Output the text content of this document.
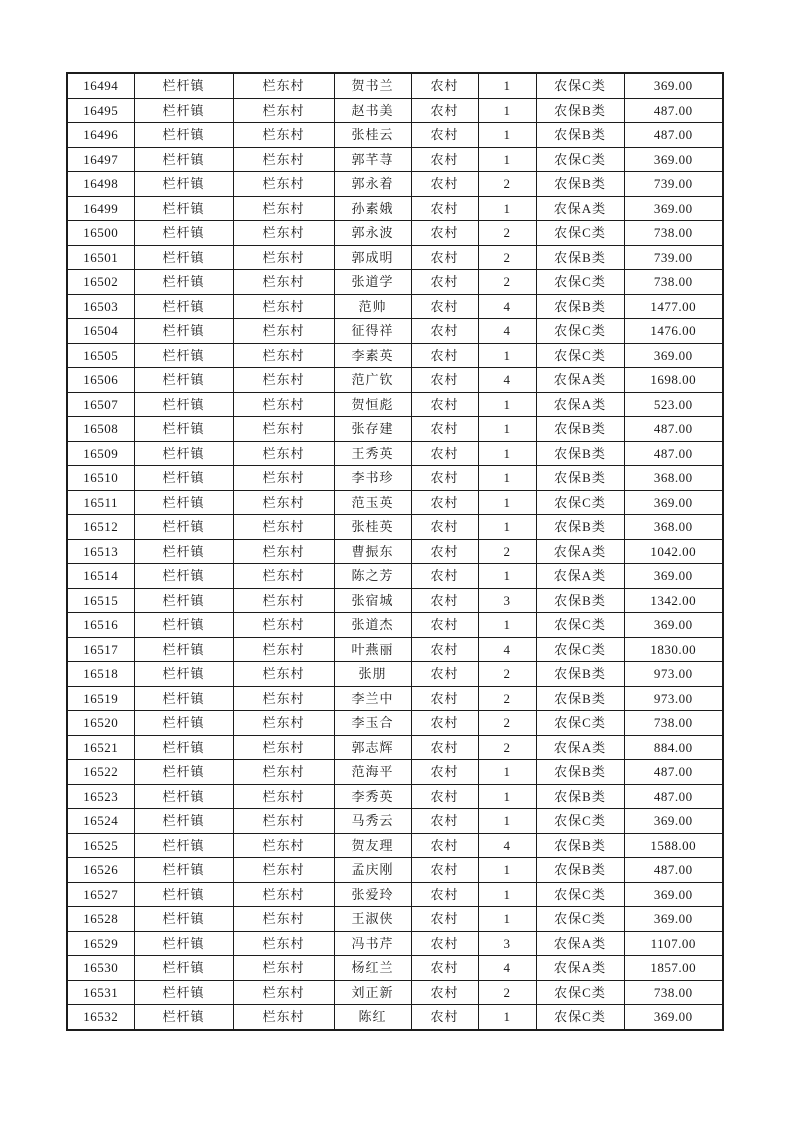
16494	栏杆镇	栏东村	贺书兰	农村	1	农保C类	369.00
16495	栏杆镇	栏东村	赵书美	农村	1	农保B类	487.00
16496	栏杆镇	栏东村	张桂云	农村	1	农保B类	487.00
16497	栏杆镇	栏东村	郭芊荨	农村	1	农保C类	369.00
16498	栏杆镇	栏东村	郭永着	农村	2	农保B类	739.00
16499	栏杆镇	栏东村	孙素娥	农村	1	农保A类	369.00
16500	栏杆镇	栏东村	郭永波	农村	2	农保C类	738.00
16501	栏杆镇	栏东村	郭成明	农村	2	农保B类	739.00
16502	栏杆镇	栏东村	张道学	农村	2	农保C类	738.00
16503	栏杆镇	栏东村	范帅	农村	4	农保B类	1477.00
16504	栏杆镇	栏东村	征得祥	农村	4	农保C类	1476.00
16505	栏杆镇	栏东村	李素英	农村	1	农保C类	369.00
16506	栏杆镇	栏东村	范广钦	农村	4	农保A类	1698.00
16507	栏杆镇	栏东村	贺恒彪	农村	1	农保A类	523.00
16508	栏杆镇	栏东村	张存建	农村	1	农保B类	487.00
16509	栏杆镇	栏东村	王秀英	农村	1	农保B类	487.00
16510	栏杆镇	栏东村	李书珍	农村	1	农保B类	368.00
16511	栏杆镇	栏东村	范玉英	农村	1	农保C类	369.00
16512	栏杆镇	栏东村	张桂英	农村	1	农保B类	368.00
16513	栏杆镇	栏东村	曹振东	农村	2	农保A类	1042.00
16514	栏杆镇	栏东村	陈之芳	农村	1	农保A类	369.00
16515	栏杆镇	栏东村	张宿城	农村	3	农保B类	1342.00
16516	栏杆镇	栏东村	张道杰	农村	1	农保C类	369.00
16517	栏杆镇	栏东村	叶燕丽	农村	4	农保C类	1830.00
16518	栏杆镇	栏东村	张朋	农村	2	农保B类	973.00
16519	栏杆镇	栏东村	李兰中	农村	2	农保B类	973.00
16520	栏杆镇	栏东村	李玉合	农村	2	农保C类	738.00
16521	栏杆镇	栏东村	郭志辉	农村	2	农保A类	884.00
16522	栏杆镇	栏东村	范海平	农村	1	农保B类	487.00
16523	栏杆镇	栏东村	李秀英	农村	1	农保B类	487.00
16524	栏杆镇	栏东村	马秀云	农村	1	农保C类	369.00
16525	栏杆镇	栏东村	贺友理	农村	4	农保B类	1588.00
16526	栏杆镇	栏东村	孟庆刚	农村	1	农保B类	487.00
16527	栏杆镇	栏东村	张爱玲	农村	1	农保C类	369.00
16528	栏杆镇	栏东村	王淑侠	农村	1	农保C类	369.00
16529	栏杆镇	栏东村	冯书芹	农村	3	农保A类	1107.00
16530	栏杆镇	栏东村	杨红兰	农村	4	农保A类	1857.00
16531	栏杆镇	栏东村	刘正新	农村	2	农保C类	738.00
16532	栏杆镇	栏东村	陈红	农村	1	农保C类	369.00
